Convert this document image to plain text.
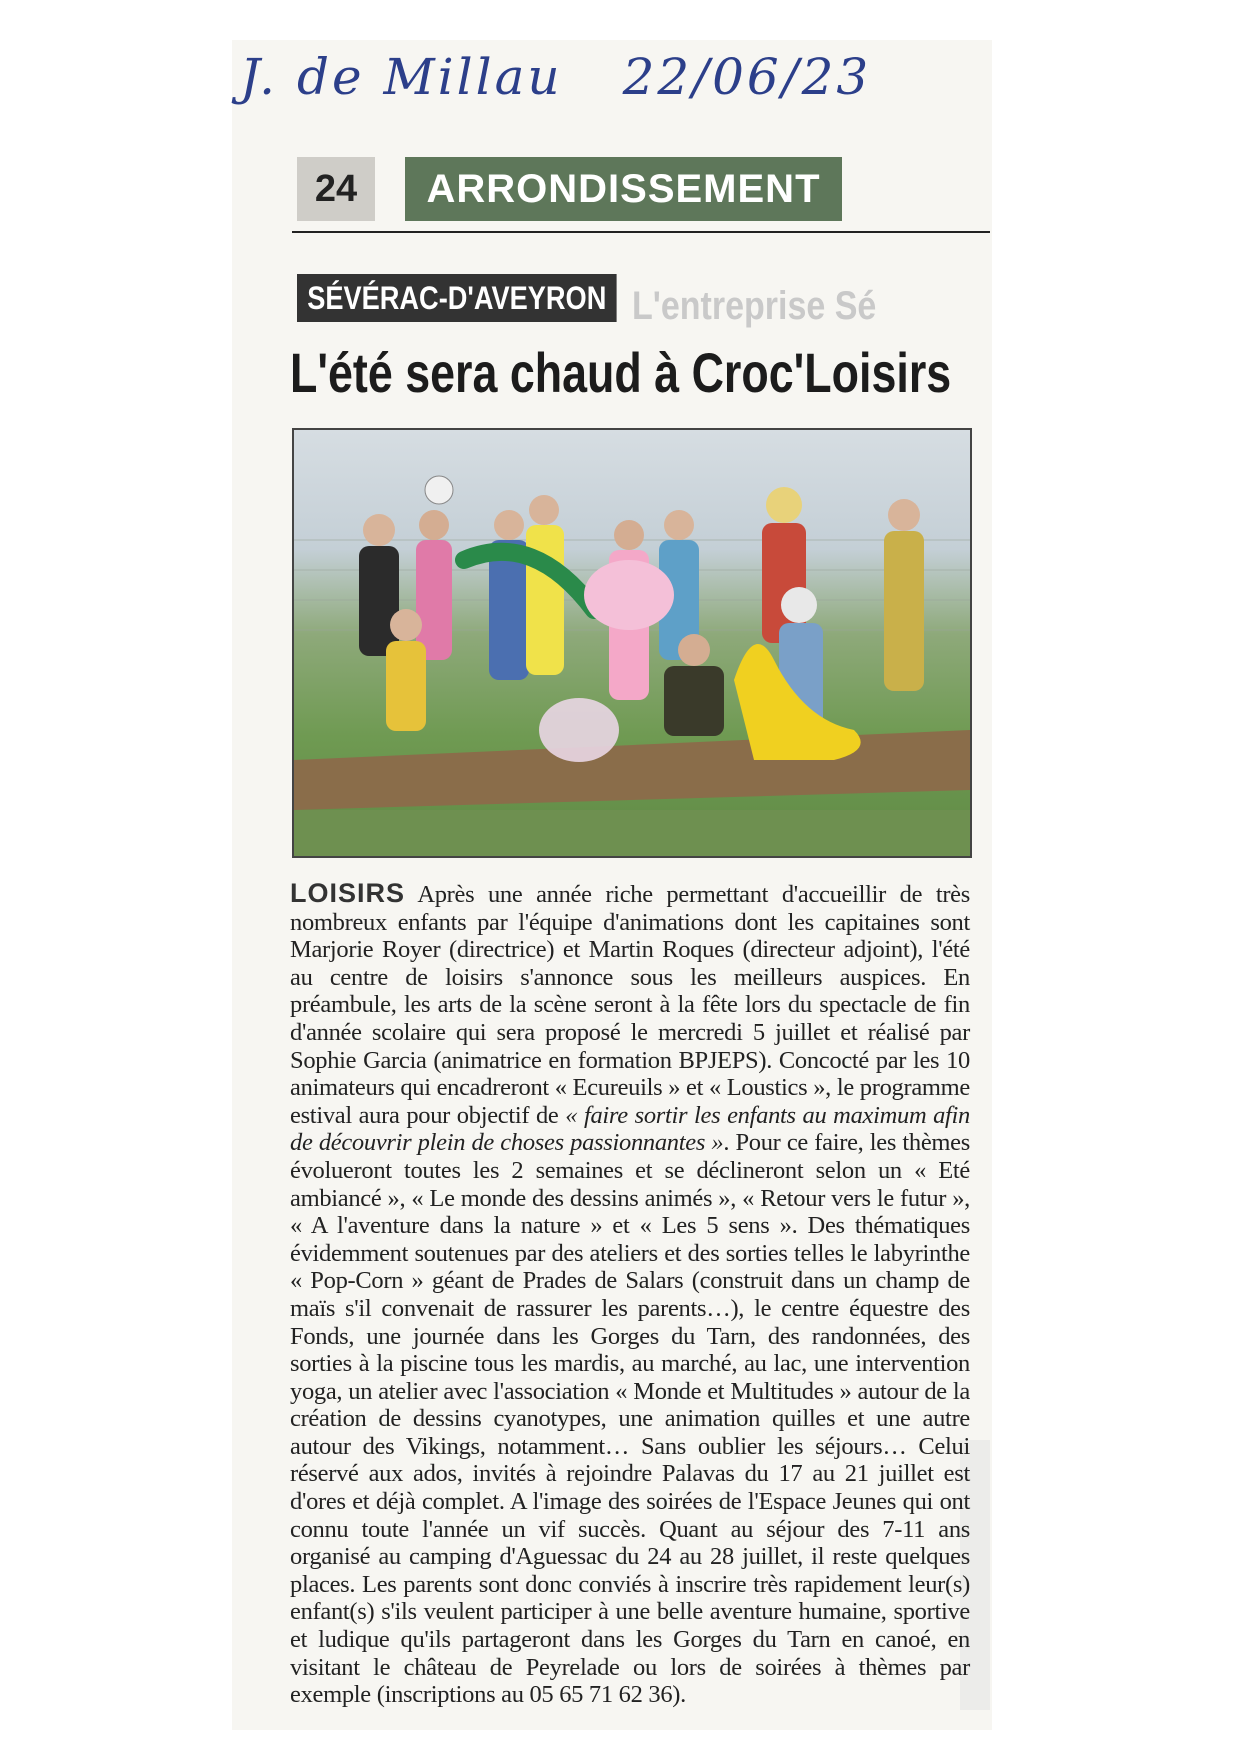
J. de Millau 22/06/23
24	ARRONDISSEMENT
L'entreprise Sé
SÉVÉRAC-D'AVEYRON
L'été sera chaud à Croc'Loisirs
LOISIRS Après une année riche permettant d'accueillir de très nombreux enfants par l'équipe d'animations dont les capitaines sont Marjorie Royer (directrice) et Martin Roques (directeur adjoint), l'été au centre de loisirs s'annonce sous les meilleurs auspices. En préambule, les arts de la scène seront à la fête lors du spectacle de fin d'année scolaire qui sera proposé le mercredi 5 juillet et réalisé par Sophie Garcia (animatrice en formation BPJEPS). Concocté par les 10 animateurs qui encadreront « Ecureuils » et « Loustics », le programme estival aura pour objectif de « faire sortir les enfants au maximum afin de découvrir plein de choses passionnantes ». Pour ce faire, les thèmes évolueront toutes les 2 semaines et se déclineront selon un « Eté ambiancé », « Le monde des dessins animés », « Retour vers le futur », « A l'aventure dans la nature » et « Les 5 sens ». Des thématiques évidemment soutenues par des ateliers et des sorties telles le labyrinthe « Pop-Corn » géant de Prades de Salars (construit dans un champ de maïs s'il convenait de rassurer les parents…), le centre équestre des Fonds, une journée dans les Gorges du Tarn, des randonnées, des sorties à la piscine tous les mardis, au marché, au lac, une intervention yoga, un atelier avec l'association « Monde et Multitudes » autour de la création de dessins cyanotypes, une animation quilles et une autre autour des Vikings, notamment… Sans oublier les séjours… Celui réservé aux ados, invités à rejoindre Palavas du 17 au 21 juillet est d'ores et déjà complet. A l'image des soirées de l'Espace Jeunes qui ont connu toute l'année un vif succès. Quant au séjour des 7-11 ans organisé au camping d'Aguessac du 24 au 28 juillet, il reste quelques places. Les parents sont donc conviés à inscrire très rapidement leur(s) enfant(s) s'ils veulent participer à une belle aventure humaine, sportive et ludique qu'ils partageront dans les Gorges du Tarn en canoé, en visitant le château de Peyrelade ou lors de soirées à thèmes par exemple (inscriptions au 05 65 71 62 36).
